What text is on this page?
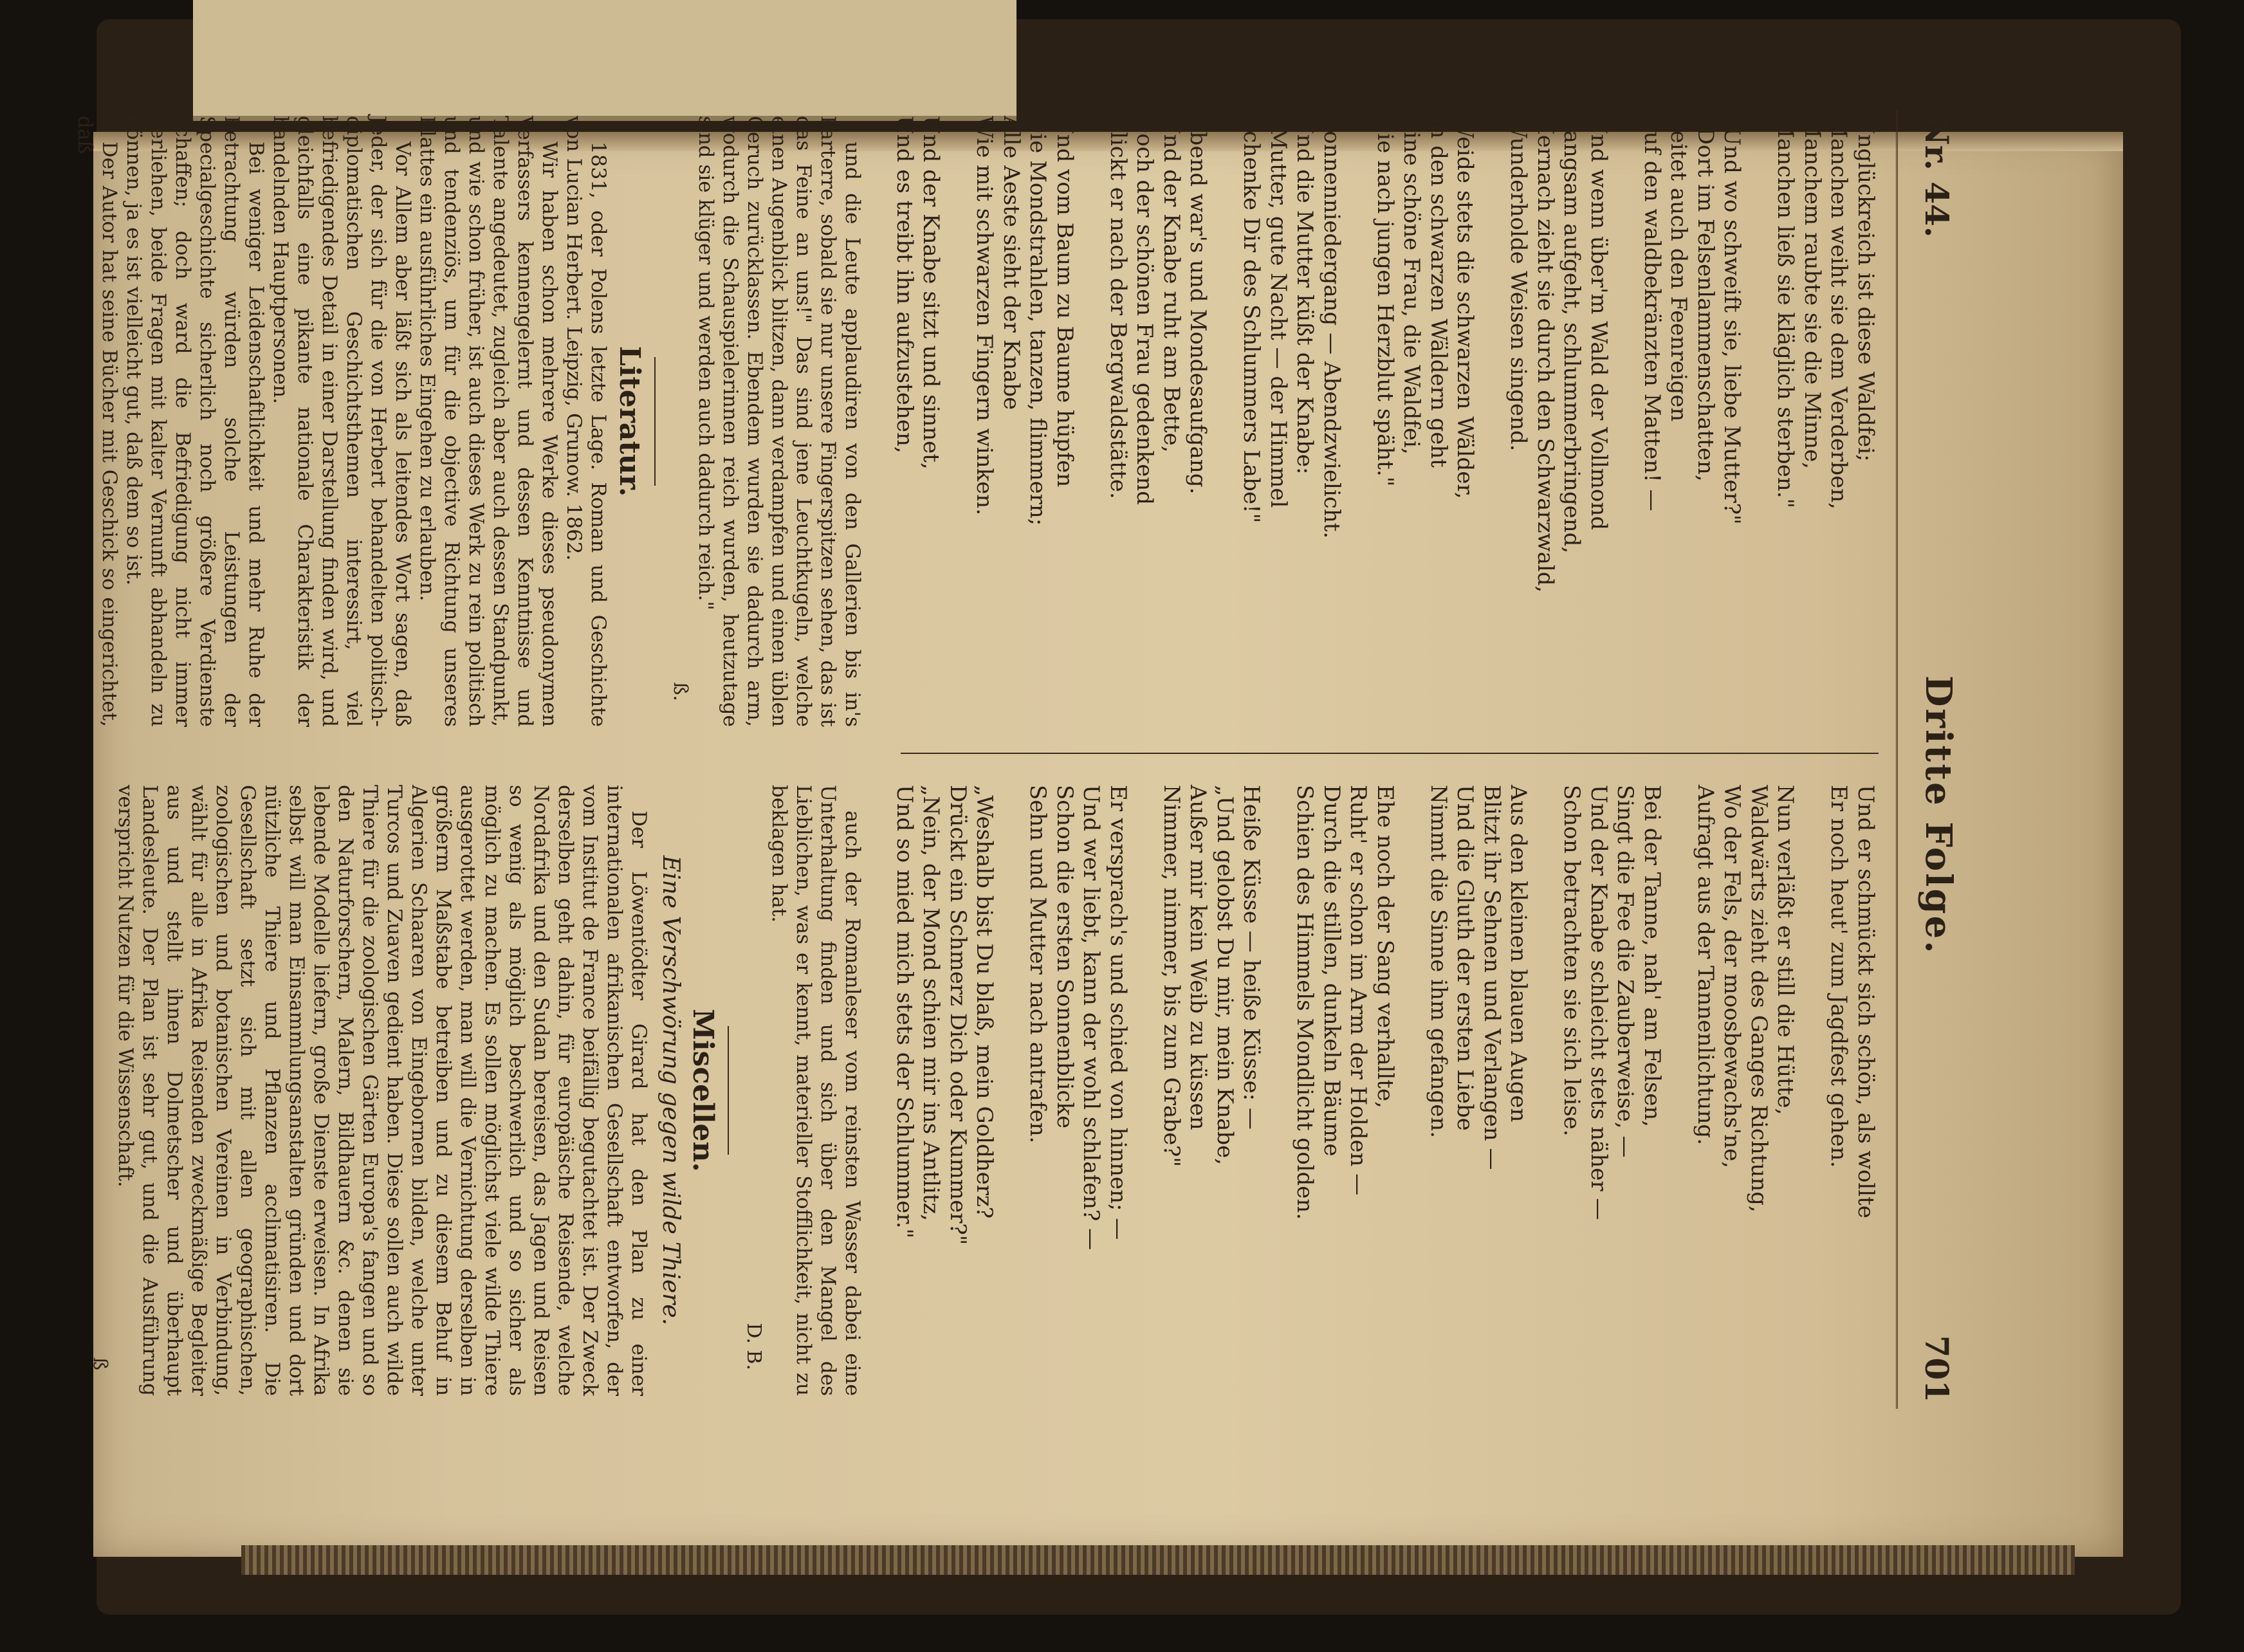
Nr. 44.
Dritte Folge.
701
Unglückreich ist diese Waldfei;
Manchen weiht sie dem Verderben,
Manchem raubte sie die Minne,
Manchen ließ sie kläglich sterben."

„Und wo schweift sie, liebe Mutter?"
„Dort im Felsenlammenschatten,
Leitet auch den Feenreigen
Auf den waldbekränzten Matten! —

Und wenn über'm Wald der Vollmond
Langsam aufgeht, schlummerbringend,
Hernach zieht sie durch den Schwarzwald,
Wunderholde Weisen singend.

Weide stets die schwarzen Wälder,
In den schwarzen Wäldern geht
Eine schöne Frau, die Waldfei,
Die nach jungen Herzblut späht."

Sonnenniedergang — Abendzwielicht.
Und die Mutter küßt der Knabe:
„Mutter, gute Nacht — der Himmel
Schenke Dir des Schlummers Labe!"

Abend war's und Mondesaufgang.
Und der Knabe ruht am Bette,
Doch der schönen Frau gedenkend
Blickt er nach der Bergwaldstätte.

Und vom Baum zu Baume hüpfen
Die Mondstrahlen, tanzen, flimmern;
Alle Aeste sieht der Knabe
Wie mit schwarzen Fingern winken.

Und der Knabe sitzt und sinnet,
Und es treibt ihn aufzustehen,

und die Leute applaudiren von den Gallerien bis in's Parterre, sobald sie nur unsere Fingerspitzen sehen, das ist das Feine an uns!" Das sind jene Leuchtkugeln, welche einen Augenblick blitzen, dann verdampfen und einen üblen Geruch zurücklassen. Ebendem wurden sie dadurch arm, wodurch die Schauspielerinnen reich wurden, heutzutage sind sie klüger und werden auch dadurch reich."

ß.
Literatur.
1831, oder Polens letzte Lage. Roman und Geschichte von Lucian Herbert. Leipzig, Grunow. 1862.

Wir haben schon mehrere Werke dieses pseudonymen Verfassers kennengelernt und dessen Kenntnisse und Talente angedeutet, zugleich aber auch dessen Standpunkt, und wie schon früher, ist auch dieses Werk zu rein politisch und tendenziös, um für die objective Richtung unseres Blattes ein ausführliches Eingehen zu erlauben.

Vor Allem aber läßt sich als leitendes Wort sagen, daß Jeder, der sich für die von Herbert behandelten politisch-diplomatischen Geschichtsthemen interessirt, viel befriedigendes Detail in einer Darstellung finden wird, und gleichfalls eine pikante nationale Charakteristik der handelnden Hauptpersonen.

Bei weniger Leidenschaftlichkeit und mehr Ruhe der Betrachtung würden solche Leistungen der Specialgeschichte sicherlich noch größere Verdienste schaffen; doch ward die Befriedigung nicht immer verliehen, beide Fragen mit kalter Vernunft abhandeln zu können, ja es ist vielleicht gut, daß dem so ist.

Der Autor hat seine Bücher mit Geschick so eingerichtet, daß

Und er schmückt sich schön, als wollte
Er noch heut' zum Jagdfest gehen.

Nun verläßt er still die Hütte,
Waldwärts zieht des Ganges Richtung,
Wo der Fels, der moosbewachs'ne,
Aufragt aus der Tannenlichtung.

Bei der Tanne, nah' am Felsen,
Singt die Fee die Zauberweise, —
Und der Knabe schleicht stets näher —
Schon betrachten sie sich leise.

Aus den kleinen blauen Augen
Blitzt ihr Sehnen und Verlangen —
Und die Gluth der ersten Liebe
Nimmt die Sinne ihm gefangen.

Ehe noch der Sang verhallte,
Ruht' er schon im Arm der Holden —
Durch die stillen, dunkeln Bäume
Schien des Himmels Mondlicht golden.

Heiße Küsse — heiße Küsse: —
„Und gelobst Du mir, mein Knabe,
Außer mir kein Weib zu küssen
Nimmer, nimmer, bis zum Grabe?"

Er versprach's und schied von hinnen; —
Und wer liebt, kann der wohl schlafen? —
Schon die ersten Sonnenblicke
Sehn und Mutter nach antrafen.

„Weshalb bist Du blaß, mein Goldherz?
Drückt ein Schmerz Dich oder Kummer?"
„Nein, der Mond schien mir ins Antlitz,
Und so mied mich stets der Schlummer."

auch der Romanleser vom reinsten Wasser dabei eine Unterhaltung finden und sich über den Mangel des Lieblichen, was er kennt, materieller Stofflichkeit, nicht zu beklagen hat.

D. B.
Miscellen.
Eine Verschwörung gegen wilde Thiere.

Der Löwentödter Girard hat den Plan zu einer internationalen afrikanischen Gesellschaft entworfen, der vom Institut de France beifällig begutachtet ist. Der Zweck derselben geht dahin, für europäische Reisende, welche Nordafrika und den Sudan bereisen, das Jagen und Reisen so wenig als möglich beschwerlich und so sicher als möglich zu machen. Es sollen möglichst viele wilde Thiere ausgerottet werden, man will die Vernichtung derselben in größerm Maßstabe betreiben und zu diesem Behuf in Algerien Schaaren von Eingebornen bilden, welche unter Turcos und Zuaven gedient haben. Diese sollen auch wilde Thiere für die zoologischen Gärten Europa's fangen und so den Naturforschern, Malern, Bildhauern &c. denen sie lebende Modelle liefern, große Dienste erweisen. In Afrika selbst will man Einsammlungsanstalten gründen und dort nützliche Thiere und Pflanzen acclimatisiren. Die Gesellschaft setzt sich mit allen geographischen, zoologischen und botanischen Vereinen in Verbindung, wählt für alle in Afrika Reisenden zweckmäßige Begleiter aus und stellt ihnen Dolmetscher und überhaupt Landesleute. Der Plan ist sehr gut, und die Ausführung verspricht Nutzen für die Wissenschaft.

ß
